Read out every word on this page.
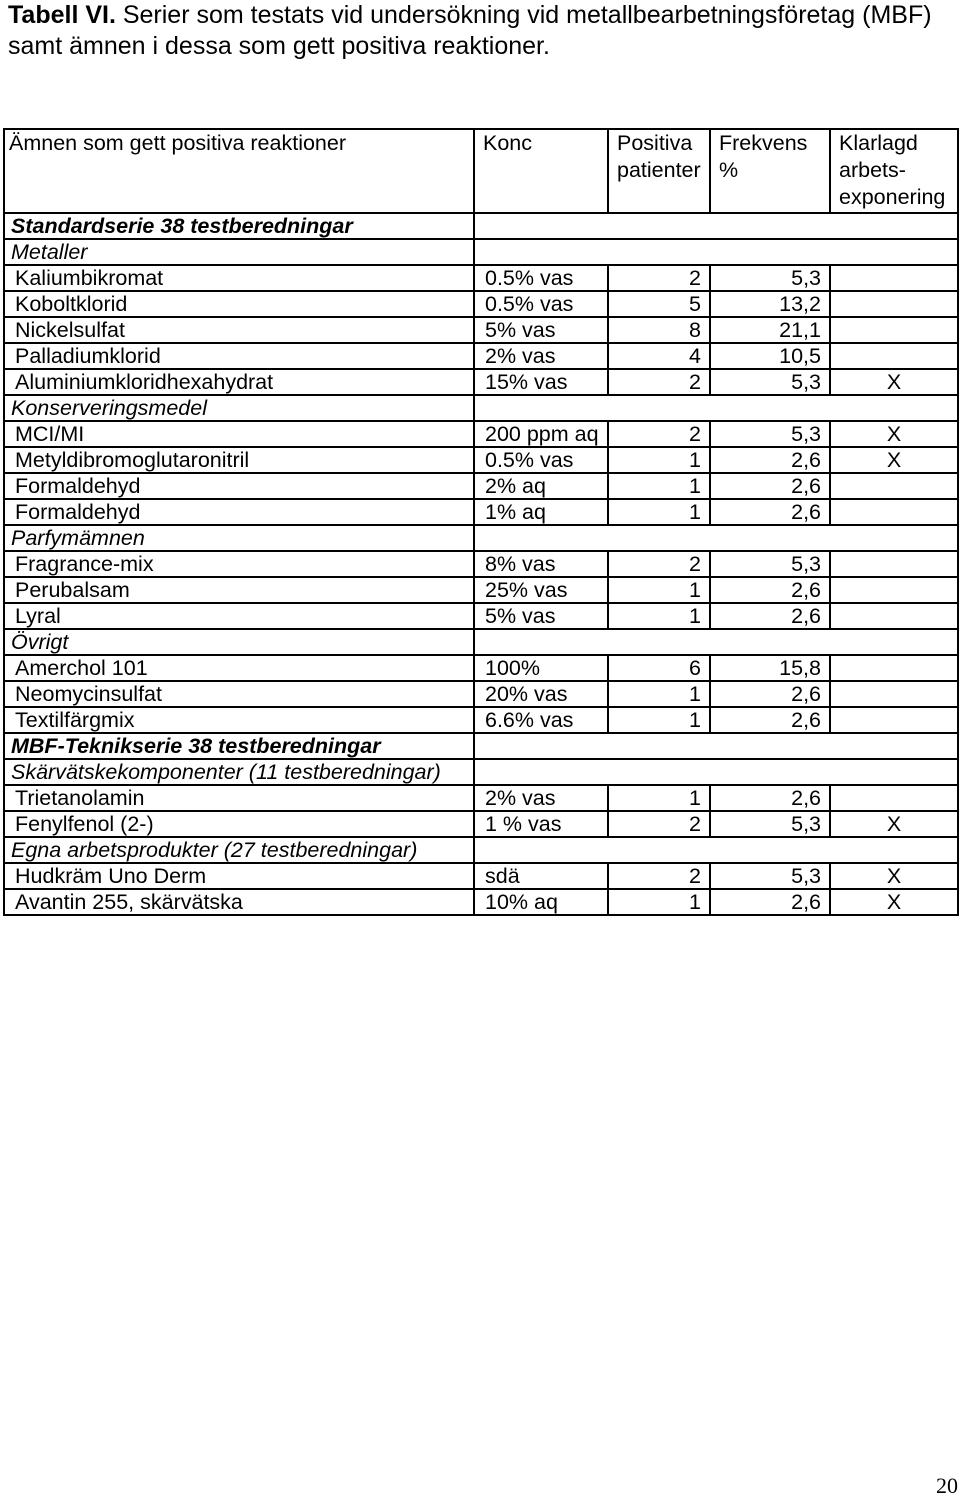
Tabell VI. Serier som testats vid undersökning vid metallbearbetningsföretag (MBF) samt ämnen i dessa som gett positiva reaktioner.
Ämnen som gett positiva reaktioner	Konc	Positiva patienter	Frekvens %	Klarlagd arbets-exponering
Standardserie 38 testberedningar				
Metaller				
Kaliumbikromat	0.5% vas	2	5,3	
Koboltklorid	0.5% vas	5	13,2	
Nickelsulfat	5% vas	8	21,1	
Palladiumklorid	2% vas	4	10,5	
Aluminiumkloridhexahydrat	15% vas	2	5,3	X
Konserveringsmedel				
MCI/MI	200 ppm aq	2	5,3	X
Metyldibromoglutaronitril	0.5% vas	1	2,6	X
Formaldehyd	2% aq	1	2,6	
Formaldehyd	1% aq	1	2,6	
Parfymämnen				
Fragrance-mix	8% vas	2	5,3	
Perubalsam	25% vas	1	2,6	
Lyral	5% vas	1	2,6	
Övrigt				
Amerchol 101	100%	6	15,8	
Neomycinsulfat	20% vas	1	2,6	
Textilfärgmix	6.6% vas	1	2,6	
MBF-Teknikserie 38 testberedningar				
Skärvätskekomponenter (11 testberedningar)				
Trietanolamin	2% vas	1	2,6	
Fenylfenol (2-)	1 % vas	2	5,3	X
Egna arbetsprodukter (27 testberedningar)				
Hudkräm Uno Derm	sdä	2	5,3	X
Avantin 255, skärvätska	10% aq	1	2,6	X
20
